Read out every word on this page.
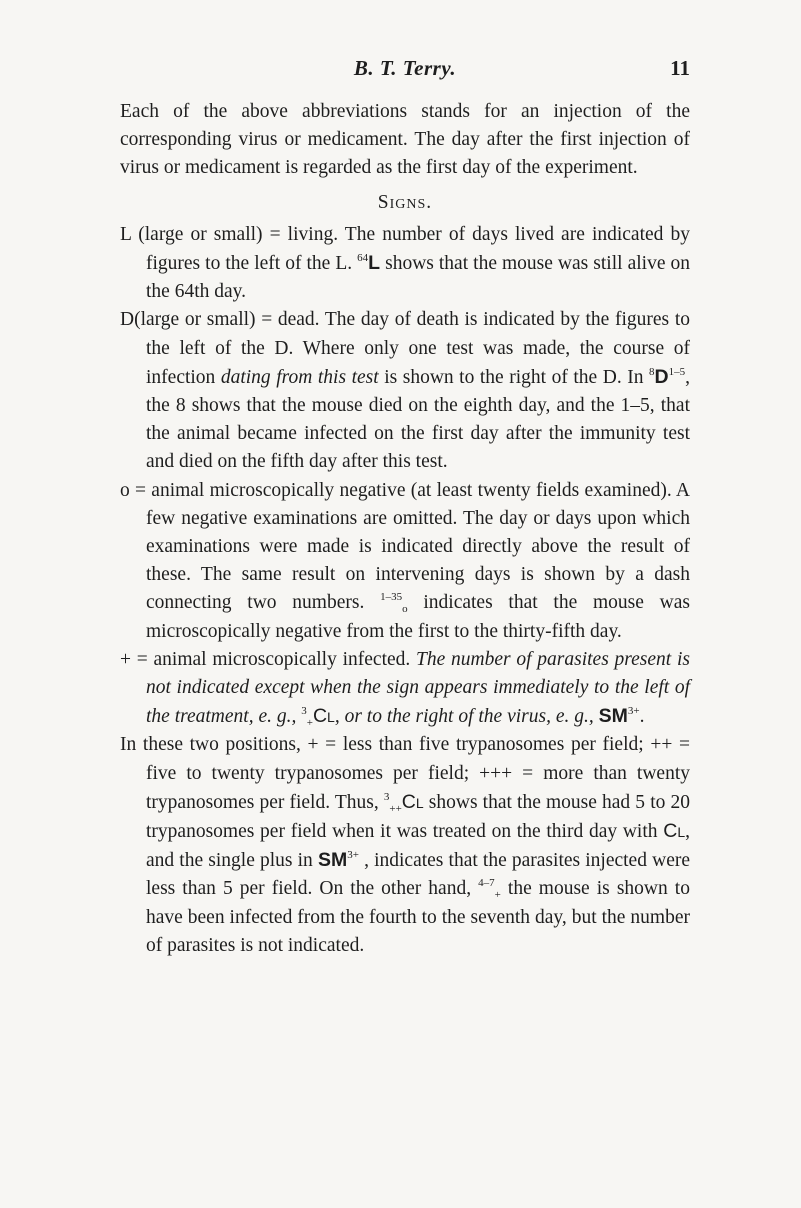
B. T. Terry.	11

Each of the above abbreviations stands for an injection of the corresponding virus or medicament. The day after the first injection of virus or medicament is regarded as the first day of the experiment.

Signs.

L (large or small) = living. The number of days lived are indicated by figures to the left of the L. $^{64}$L shows that the mouse was still alive on the 64th day.

D(large or small) = dead. The day of death is indicated by the figures to the left of the D. Where only one test was made, the course of infection dating from this test is shown to the right of the D. In $^8D^{1-5}$, the 8 shows that the mouse died on the eighth day, and the 1–5, that the animal became infected on the first day after the immunity test and died on the fifth day after this test.

o = animal microscopically negative (at least twenty fields examined). A few negative examinations are omitted. The day or days upon which examinations were made is indicated directly above the result of these. The same result on intervening days is shown by a dash connecting two numbers. $^{1-35}_o$ indicates that the mouse was microscopically negative from the first to the thirty-fifth day.

+ = animal microscopically infected. The number of parasites present is not indicated except when the sign appears immediately to the left of the treatment, e. g., $^3_+$Cl, or to the right of the virus, e. g., $SM^{3+}$.

In these two positions, + = less than five trypanosomes per field; ++ = five to twenty trypanosomes per field; +++ = more than twenty trypanosomes per field. Thus, $^3_{++}$Cl shows that the mouse had 5 to 20 trypanosomes per field when it was treated on the third day with Cl, and the single plus in $SM^{3+}$ , indicates that the parasites injected were less than 5 per field. On the other hand, $^{4-7}_+$ the mouse is shown to have been infected from the fourth to the seventh day, but the number of parasites is not indicated.
